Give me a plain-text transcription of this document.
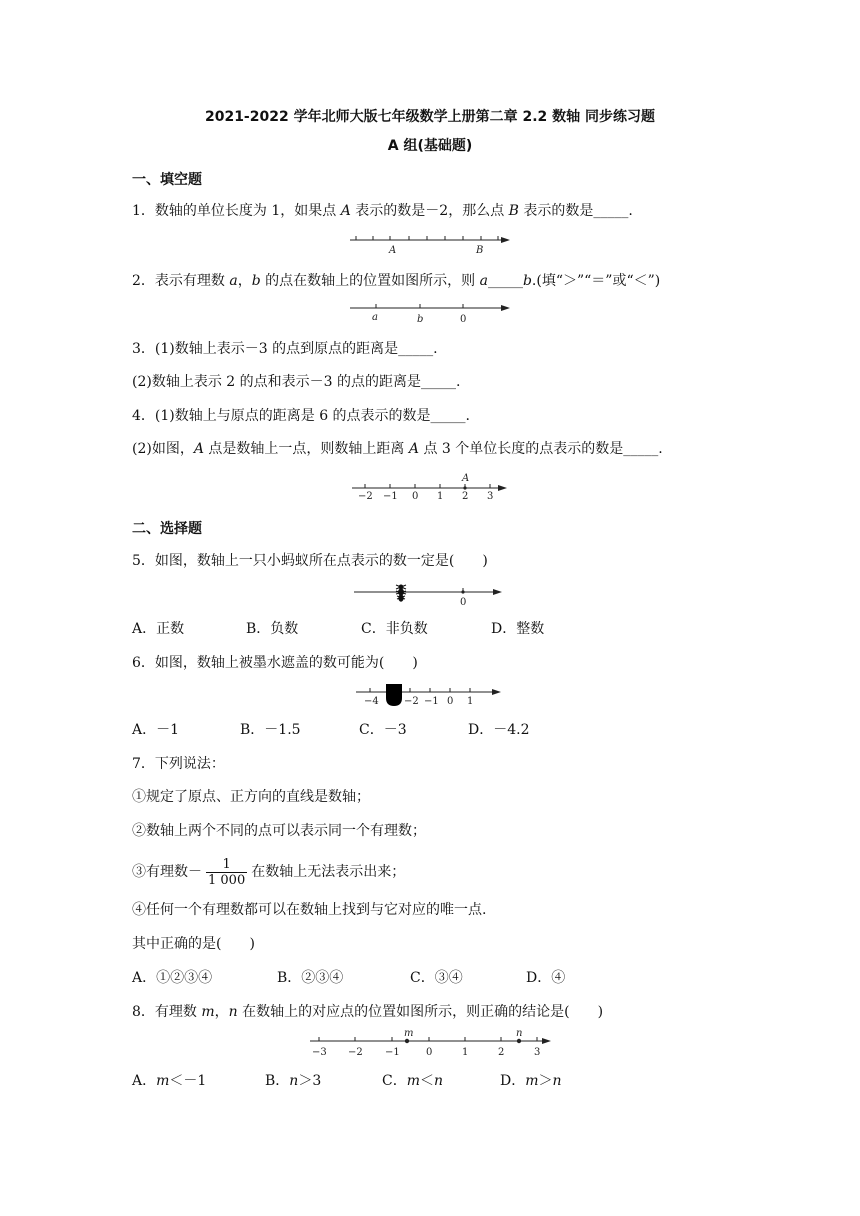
2021-2022 学年北师大版七年级数学上册第二章 2.2 数轴 同步练习题
A 组(基础题)
一、填空题
1．数轴的单位长度为 1，如果点 A 表示的数是－2，那么点 B 表示的数是_____.
A	B
2．表示有理数 a，b 的点在数轴上的位置如图所示，则 a_____b.(填“＞”“＝”或“＜”)
a	b	0
3．(1)数轴上表示－3 的点到原点的距离是_____.
(2)数轴上表示 2 的点和表示－3 的点的距离是_____.
4．(1)数轴上与原点的距离是 6 的点表示的数是_____.
(2)如图，A 点是数轴上一点，则数轴上距离 A 点 3 个单位长度的点表示的数是_____.
A
−2 −1 0 1 2 3
二、选择题
5．如图，数轴上一只小蚂蚁所在点表示的数一定是(　　)
0
A．正数	B．负数	C．非负数	D．整数
6．如图，数轴上被墨水遮盖的数可能为(　　)
−4	−2 −1 0 1
A．－1	B．－1.5	C．－3	D．－4.2
7．下列说法：
①规定了原点、正方向的直线是数轴；
②数轴上两个不同的点可以表示同一个有理数；
③有理数－ $\frac{1}{1 000}$ 在数轴上无法表示出来；
④任何一个有理数都可以在数轴上找到与它对应的唯一点.
其中正确的是(　　)
A．①②③④	B．②③④	C．③④	D．④
8．有理数 m，n 在数轴上的对应点的位置如图所示，则正确的结论是(　　)
m	n
−3 −2 −1	0	1	2	3
A．m＜－1	B．n＞3	C．m＜n	D．m＞n
